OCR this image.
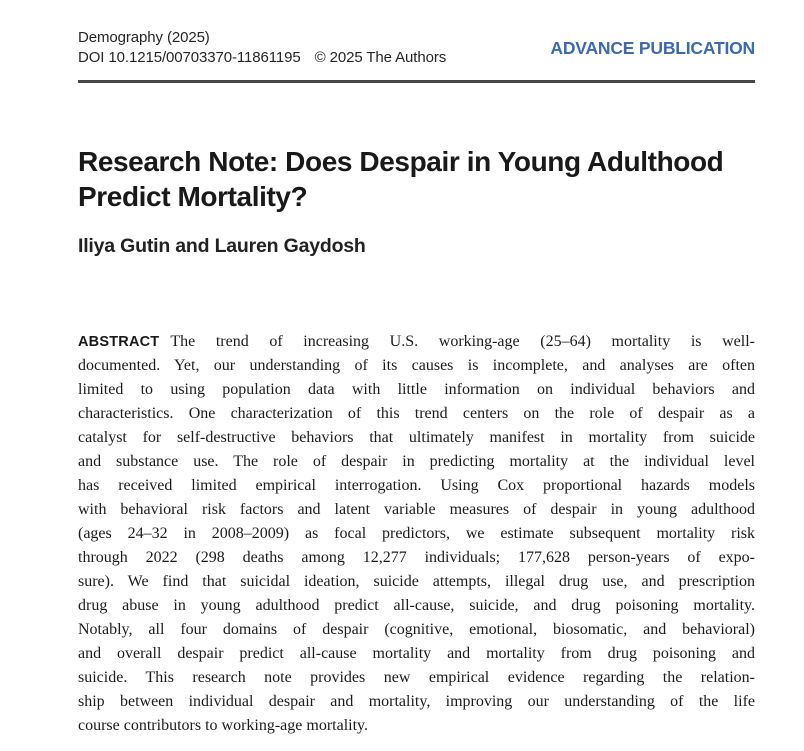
Demography (2025)
DOI 10.1215/00703370-11861195 © 2025 The Authors	ADVANCE PUBLICATION
Research Note: Does Despair in Young Adulthood
Predict Mortality?
Iliya Gutin and Lauren Gaydosh
ABSTRACT The trend of increasing U.S. working-age (25–64) mortality is well-
documented. Yet, our understanding of its causes is incomplete, and analyses are often
limited to using population data with little information on individual behaviors and
characteristics. One characterization of this trend centers on the role of despair as a
catalyst for self-destructive behaviors that ultimately manifest in mortality from suicide
and substance use. The role of despair in predicting mortality at the individual level
has received limited empirical interrogation. Using Cox proportional hazards models
with behavioral risk factors and latent variable measures of despair in young adulthood
(ages 24–32 in 2008–2009) as focal predictors, we estimate subsequent mortality risk
through 2022 (298 deaths among 12,277 individuals; 177,628 person-years of expo-
sure). We find that suicidal ideation, suicide attempts, illegal drug use, and prescription
drug abuse in young adulthood predict all-cause, suicide, and drug poisoning mortality.
Notably, all four domains of despair (cognitive, emotional, biosomatic, and behavioral)
and overall despair predict all-cause mortality and mortality from drug poisoning and
suicide. This research note provides new empirical evidence regarding the relation-
ship between individual despair and mortality, improving our understanding of the life
course contributors to working-age mortality.
